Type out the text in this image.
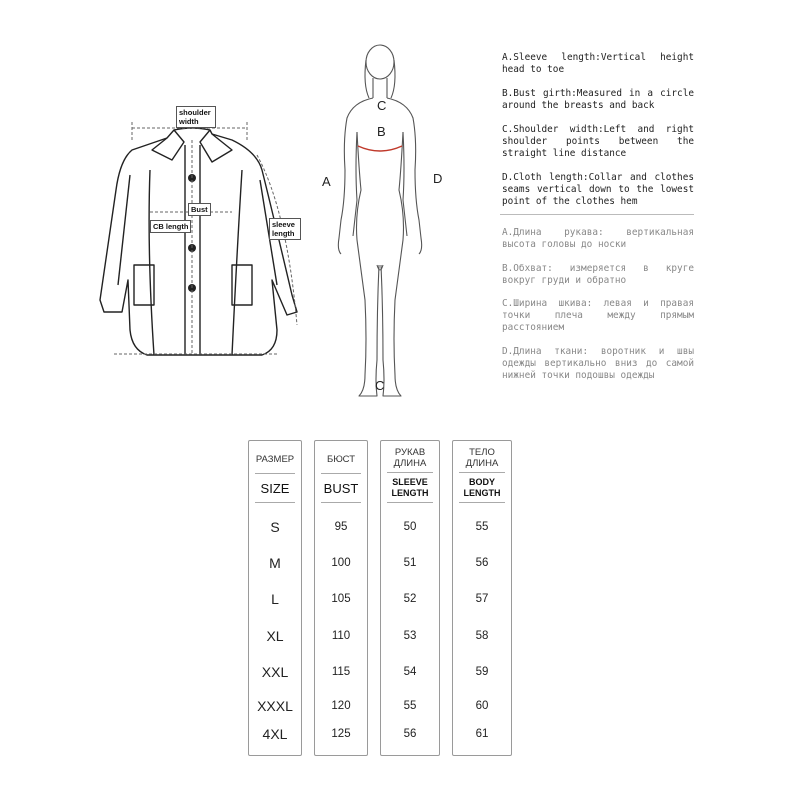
shoulder width
Bust
CB length	sleeve length
C
B
C
A	D
A.Sleeve length:Vertical height head to toe
B.Bust girth:Measured in a circle around the breasts and back
C.Shoulder width:Left and right shoulder points between the straight line distance
D.Cloth length:Collar and clothes seams vertical down to the lowest point of the clothes hem
A.Длина рукава: вертикальная высота головы до носки
B.Обхват: измеряется в круге вокруг груди и обратно
C.Ширина шкива: левая и правая точки плеча между прямым расстоянием
D.Длина ткани: воротник и швы одежды вертикально вниз до самой нижней точки подошвы одежды
РАЗМЕР
SIZE
S
M
L
XL
XXL
XXXL
4XL
БЮСТ
BUST
95
100
105
110
115
120
125
РУКАВ ДЛИНА
SLEEVE LENGTH
50
51
52
53
54
55
56
ТЕЛО ДЛИНА
BODY LENGTH
55
56
57
58
59
60
61
